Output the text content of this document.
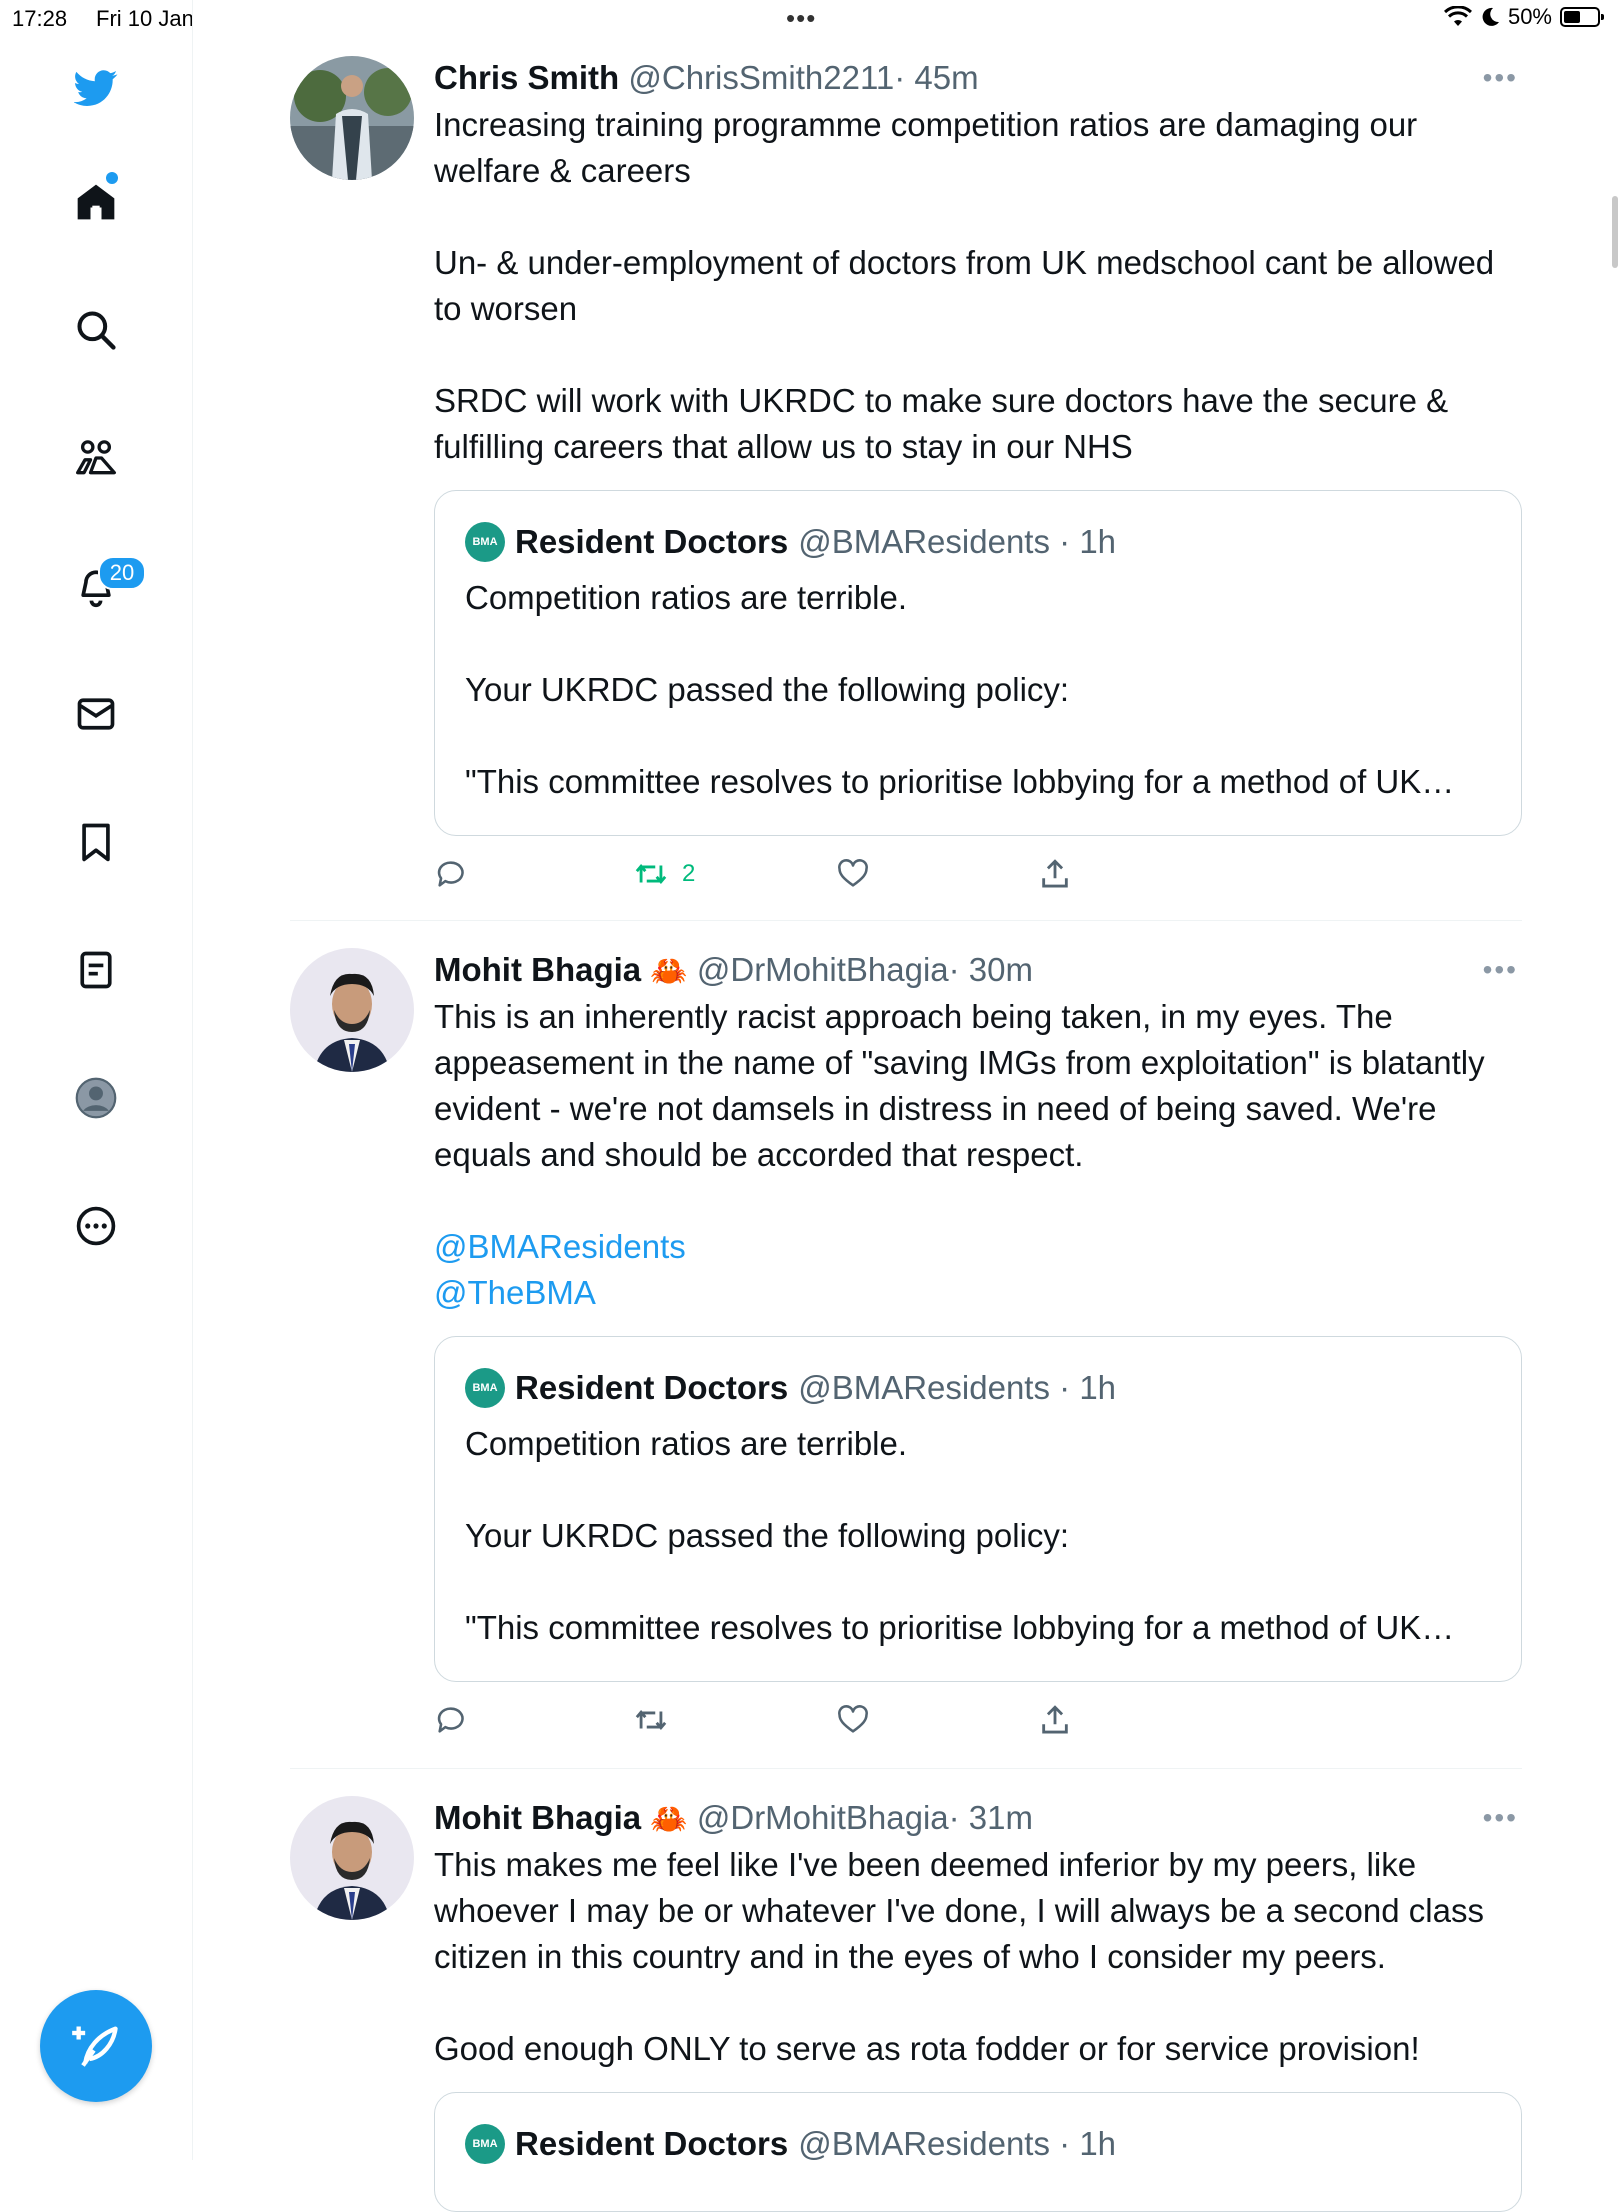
17:28 Fri 10 Jan	•••	50%
20
Chris Smith @ChrisSmith2211· 45m	•••
Increasing training programme competition ratios are damaging our welfare & careers

Un- & under-employment of doctors from UK medschool cant be allowed to worsen

SRDC will work with UKRDC to make sure doctors have the secure & fulfilling careers that allow us to stay in our NHS
BMA Resident Doctors @BMAResidents · 1h
Competition ratios are terrible.

Your UKRDC passed the following policy:

"This committee resolves to prioritise lobbying for a method of UK…
2
Mohit Bhagia 🦀 @DrMohitBhagia· 30m	•••
This is an inherently racist approach being taken, in my eyes. The appeasement in the name of "saving IMGs from exploitation" is blatantly evident - we're not damsels in distress in need of being saved. We're equals and should be accorded that respect.
@BMAResidents
@TheBMA
BMA Resident Doctors @BMAResidents · 1h
Competition ratios are terrible.

Your UKRDC passed the following policy:

"This committee resolves to prioritise lobbying for a method of UK…
Mohit Bhagia 🦀 @DrMohitBhagia· 31m	•••
This makes me feel like I've been deemed inferior by my peers, like whoever I may be or whatever I've done, I will always be a second class citizen in this country and in the eyes of who I consider my peers.

Good enough ONLY to serve as rota fodder or for service provision!
BMA Resident Doctors @BMAResidents · 1h
